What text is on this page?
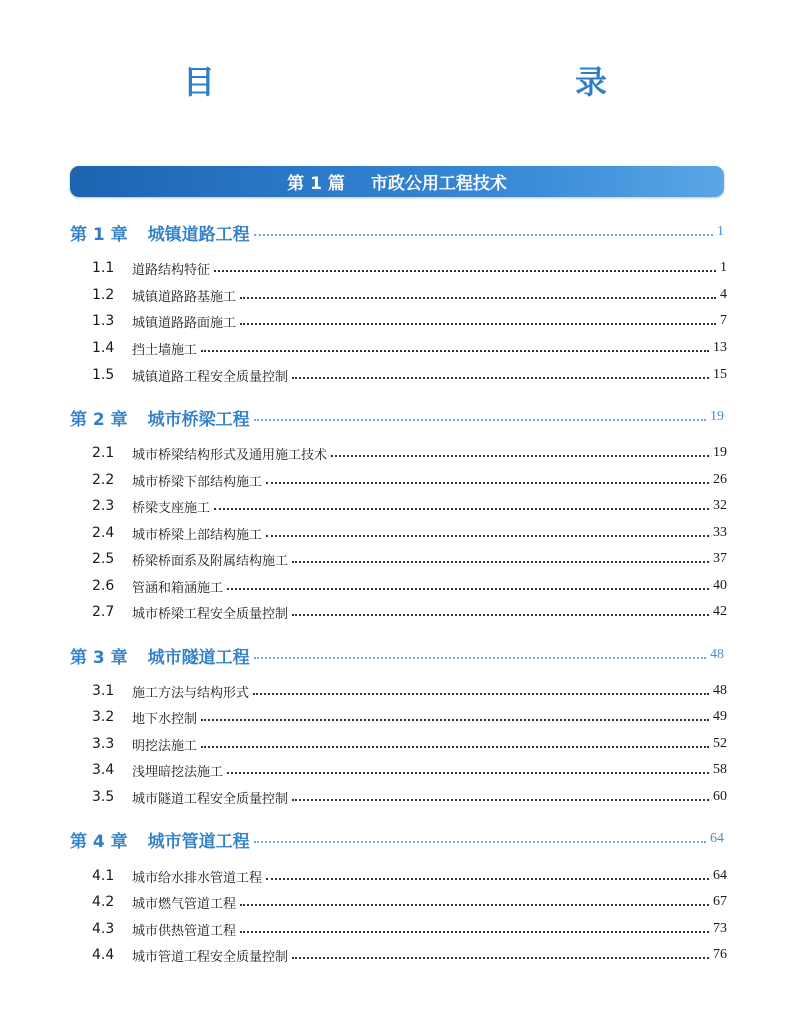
目　　　录
第 1 篇 市政公用工程技术
第 1 章 城镇道路工程	1
1.1	道路结构特征	1
1.2	城镇道路路基施工	4
1.3	城镇道路路面施工	7
1.4	挡土墙施工	13
1.5	城镇道路工程安全质量控制	15
第 2 章 城市桥梁工程	19
2.1	城市桥梁结构形式及通用施工技术	19
2.2	城市桥梁下部结构施工	26
2.3	桥梁支座施工	32
2.4	城市桥梁上部结构施工	33
2.5	桥梁桥面系及附属结构施工	37
2.6	管涵和箱涵施工	40
2.7	城市桥梁工程安全质量控制	42
第 3 章 城市隧道工程	48
3.1	施工方法与结构形式	48
3.2	地下水控制	49
3.3	明挖法施工	52
3.4	浅埋暗挖法施工	58
3.5	城市隧道工程安全质量控制	60
第 4 章 城市管道工程	64
4.1	城市给水排水管道工程	64
4.2	城市燃气管道工程	67
4.3	城市供热管道工程	73
4.4	城市管道工程安全质量控制	76
